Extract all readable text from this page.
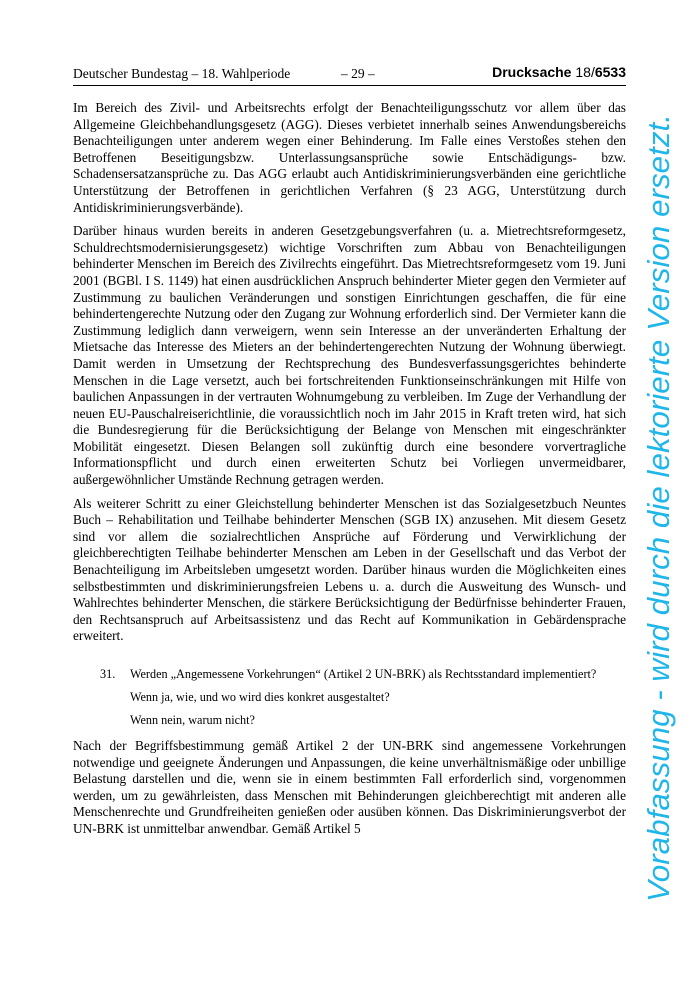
Deutscher Bundestag – 18. Wahlperiode	– 29 –	Drucksache 18/6533

Im Bereich des Zivil- und Arbeitsrechts erfolgt der Benachteiligungsschutz vor allem über das Allgemeine Gleichbehandlungsgesetz (AGG). Dieses verbietet innerhalb seines Anwendungsbereichs Benachteiligungen unter anderem wegen einer Behinderung. Im Falle eines Verstoßes stehen den Betroffenen Beseitigungsbzw. Unterlassungsansprüche sowie Entschädigungs- bzw. Schadensersatzansprüche zu. Das AGG erlaubt auch Antidiskriminierungsverbänden eine gerichtliche Unterstützung der Betroffenen in gerichtlichen Verfahren (§ 23 AGG, Unterstützung durch Antidiskriminierungsverbände).

Darüber hinaus wurden bereits in anderen Gesetzgebungsverfahren (u. a. Mietrechtsreformgesetz, Schuldrechtsmodernisierungsgesetz) wichtige Vorschriften zum Abbau von Benachteiligungen behinderter Menschen im Bereich des Zivilrechts eingeführt. Das Mietrechtsreformgesetz vom 19. Juni 2001 (BGBl. I S. 1149) hat einen ausdrücklichen Anspruch behinderter Mieter gegen den Vermieter auf Zustimmung zu baulichen Veränderungen und sonstigen Einrichtungen geschaffen, die für eine behindertengerechte Nutzung oder den Zugang zur Wohnung erforderlich sind. Der Vermieter kann die Zustimmung lediglich dann verweigern, wenn sein Interesse an der unveränderten Erhaltung der Mietsache das Interesse des Mieters an der behindertengerechten Nutzung der Wohnung überwiegt. Damit werden in Umsetzung der Rechtsprechung des Bundesverfassungsgerichtes behinderte Menschen in die Lage versetzt, auch bei fortschreitenden Funktionseinschränkungen mit Hilfe von baulichen Anpassungen in der vertrauten Wohnumgebung zu verbleiben. Im Zuge der Verhandlung der neuen EU-Pauschalreiserichtlinie, die voraussichtlich noch im Jahr 2015 in Kraft treten wird, hat sich die Bundesregierung für die Berücksichtigung der Belange von Menschen mit eingeschränkter Mobilität eingesetzt. Diesen Belangen soll zukünftig durch eine besondere vorvertragliche Informationspflicht und durch einen erweiterten Schutz bei Vorliegen unvermeidbarer, außergewöhnlicher Umstände Rechnung getragen werden.

Als weiterer Schritt zu einer Gleichstellung behinderter Menschen ist das Sozialgesetzbuch Neuntes Buch – Rehabilitation und Teilhabe behinderter Menschen (SGB IX) anzusehen. Mit diesem Gesetz sind vor allem die sozialrechtlichen Ansprüche auf Förderung und Verwirklichung der gleichberechtigten Teilhabe behinderter Menschen am Leben in der Gesellschaft und das Verbot der Benachteiligung im Arbeitsleben umgesetzt worden. Darüber hinaus wurden die Möglichkeiten eines selbstbestimmten und diskriminierungsfreien Lebens u. a. durch die Ausweitung des Wunsch- und Wahlrechtes behinderter Menschen, die stärkere Berücksichtigung der Bedürfnisse behinderter Frauen, den Rechtsanspruch auf Arbeitsassistenz und das Recht auf Kommunikation in Gebärdensprache erweitert.

31. Werden „Angemessene Vorkehrungen“ (Artikel 2 UN-BRK) als Rechtsstandard implementiert?
Wenn ja, wie, und wo wird dies konkret ausgestaltet?
Wenn nein, warum nicht?

Nach der Begriffsbestimmung gemäß Artikel 2 der UN-BRK sind angemessene Vorkehrungen notwendige und geeignete Änderungen und Anpassungen, die keine unverhältnismäßige oder unbillige Belastung darstellen und die, wenn sie in einem bestimmten Fall erforderlich sind, vorgenommen werden, um zu gewährleisten, dass Menschen mit Behinderungen gleichberechtigt mit anderen alle Menschenrechte und Grundfreiheiten genießen oder ausüben können. Das Diskriminierungsverbot der UN-BRK ist unmittelbar anwendbar. Gemäß Artikel 5	Vorabfassung - wird durch die lektorierte Version ersetzt.
